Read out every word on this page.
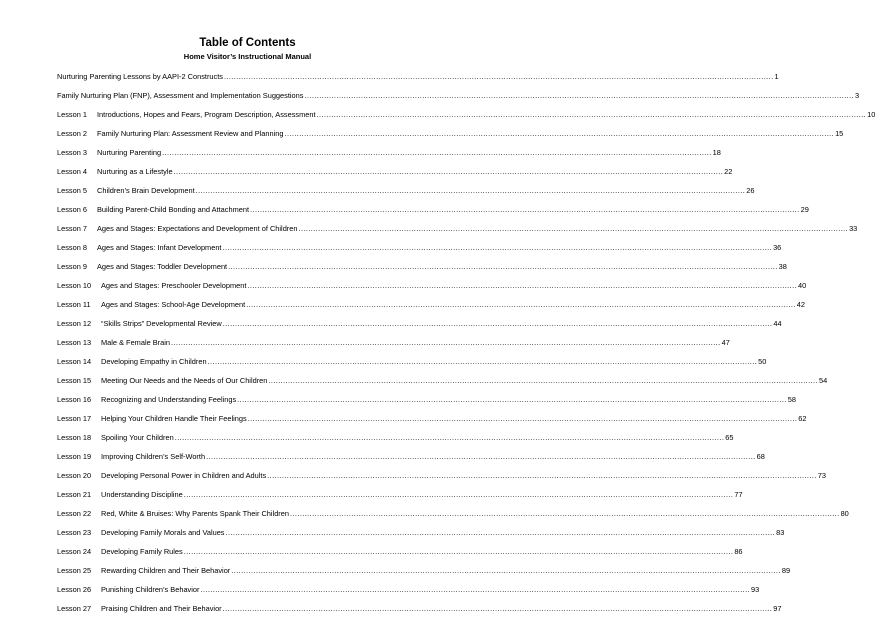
Table of Contents
Home Visitor’s Instructional Manual
Nurturing Parenting Lessons by AAPI-2 Constructs .....	1
Family Nurturing Plan (FNP), Assessment and Implementation Suggestions .....	3
Lesson 1	Introductions, Hopes and Fears, Program Description, Assessment .....	10
Lesson 2	Family Nurturing Plan: Assessment Review and Planning .....	15
Lesson 3	Nurturing Parenting .....	18
Lesson 4	Nurturing as a Lifestyle .....	22
Lesson 5	Children’s Brain Development .....	26
Lesson 6	Building Parent-Child Bonding and Attachment .....	29
Lesson 7	Ages and Stages: Expectations and Development of Children .....	33
Lesson 8	Ages and Stages: Infant Development .....	36
Lesson 9	Ages and Stages: Toddler Development .....	38
Lesson 10	Ages and Stages: Preschooler Development .....	40
Lesson 11	Ages and Stages: School-Age Development .....	42
Lesson 12	“Skills Strips” Developmental Review .....	44
Lesson 13	Male & Female Brain .....	47
Lesson 14	Developing Empathy in Children .....	50
Lesson 15	Meeting Our Needs and the Needs of Our Children .....	54
Lesson 16	Recognizing and Understanding Feelings .....	58
Lesson 17	Helping Your Children Handle Their Feelings .....	62
Lesson 18	Spoiling Your Children .....	65
Lesson 19	Improving Children’s Self-Worth .....	68
Lesson 20	Developing Personal Power in Children and Adults .....	73
Lesson 21	Understanding Discipline .....	77
Lesson 22	Red, White & Bruises: Why Parents Spank Their Children .....	80
Lesson 23	Developing Family Morals and Values .....	83
Lesson 24	Developing Family Rules .....	86
Lesson 25	Rewarding Children and Their Behavior .....	89
Lesson 26	Punishing Children’s Behavior .....	93
Lesson 27	Praising Children and Their Behavior .....	97
